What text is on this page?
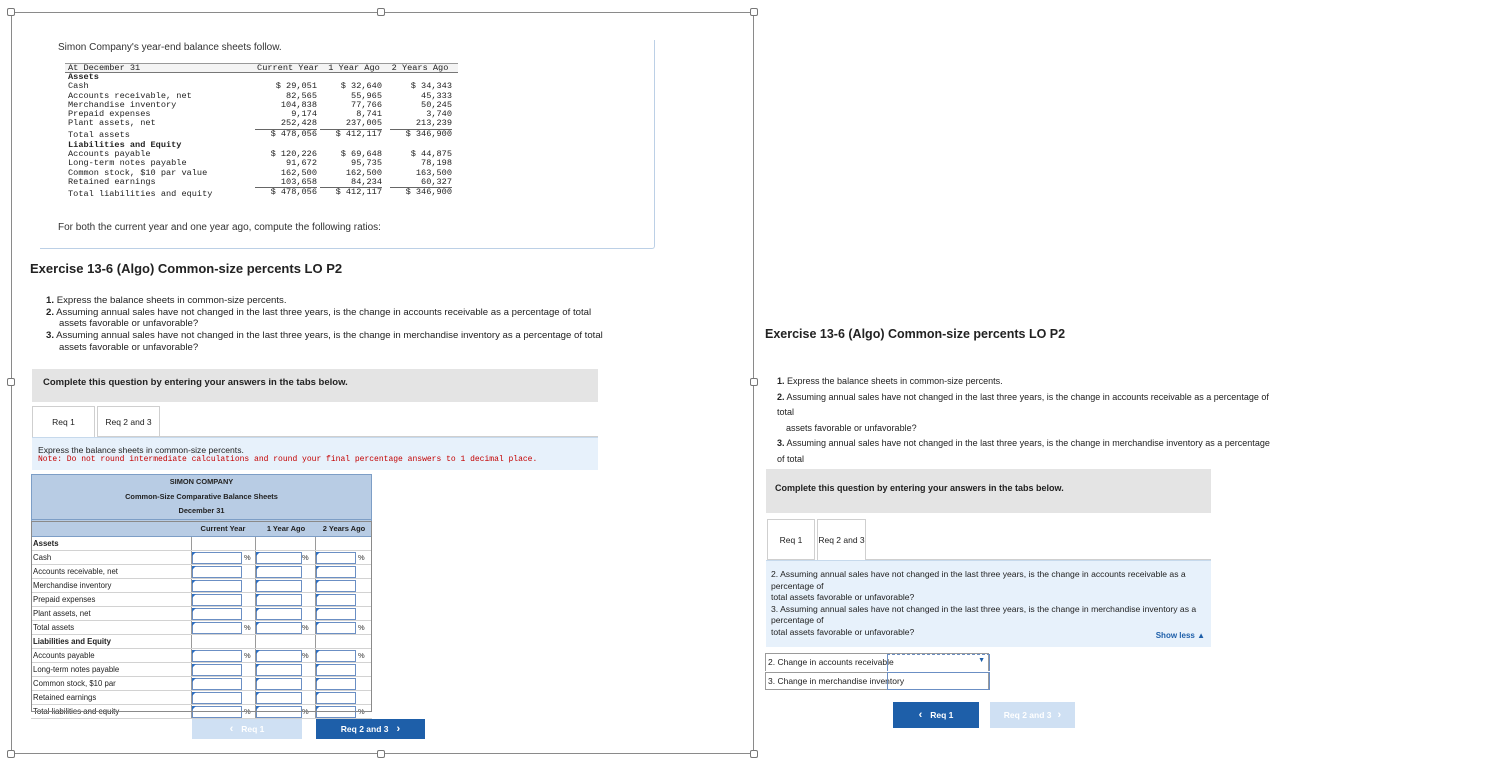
Simon Company's year-end balance sheets follow.
At December 31	Current Year	1 Year Ago	2 Years Ago
Assets
Cash	$ 29,051	$ 32,640	$ 34,343
Accounts receivable, net	82,565	55,965	45,333
Merchandise inventory	104,838	77,766	50,245
Prepaid expenses	9,174	8,741	3,740
Plant assets, net	252,428	237,005	213,239
Total assets	$ 478,056	$ 412,117	$ 346,900
Liabilities and Equity
Accounts payable	$ 120,226	$ 69,648	$ 44,875
Long-term notes payable	91,672	95,735	78,198
Common stock, $10 par value	162,500	162,500	163,500
Retained earnings	103,658	84,234	60,327
Total liabilities and equity	$ 478,056	$ 412,117	$ 346,900
For both the current year and one year ago, compute the following ratios:
Exercise 13-6 (Algo) Common-size percents LO P2
1. Express the balance sheets in common-size percents.
2. Assuming annual sales have not changed in the last three years, is the change in accounts receivable as a percentage of total
assets favorable or unfavorable?
3. Assuming annual sales have not changed in the last three years, is the change in merchandise inventory as a percentage of total
assets favorable or unfavorable?
Complete this question by entering your answers in the tabs below.
Req 1	Req 2 and 3
Express the balance sheets in common-size percents.
Note: Do not round intermediate calculations and round your final percentage answers to 1 decimal place.
SIMON COMPANY
Common-Size Comparative Balance Sheets
December 31
Current Year	1 Year Ago	2 Years Ago
Assets
Cash	%	%	%
Accounts receivable, net
Merchandise inventory
Prepaid expenses
Plant assets, net
Total assets	%	%	%
Liabilities and Equity
Accounts payable	%	%	%
Long-term notes payable
Common stock, $10 par
Retained earnings
Total liabilities and equity	%	%	%
‹ Req 1	Req 2 and 3 ›
Exercise 13-6 (Algo) Common-size percents LO P2
1. Express the balance sheets in common-size percents.
2. Assuming annual sales have not changed in the last three years, is the change in accounts receivable as a percentage of total
assets favorable or unfavorable?
3. Assuming annual sales have not changed in the last three years, is the change in merchandise inventory as a percentage of total
Complete this question by entering your answers in the tabs below.
Req 1	Req 2 and 3
2. Assuming annual sales have not changed in the last three years, is the change in accounts receivable as a percentage of
total assets favorable or unfavorable?
3. Assuming annual sales have not changed in the last three years, is the change in merchandise inventory as a percentage of
total assets favorable or unfavorable?	Show less ▲
2. Change in accounts receivable	▼
3. Change in merchandise inventory
‹ Req 1	Req 2 and 3 ›
